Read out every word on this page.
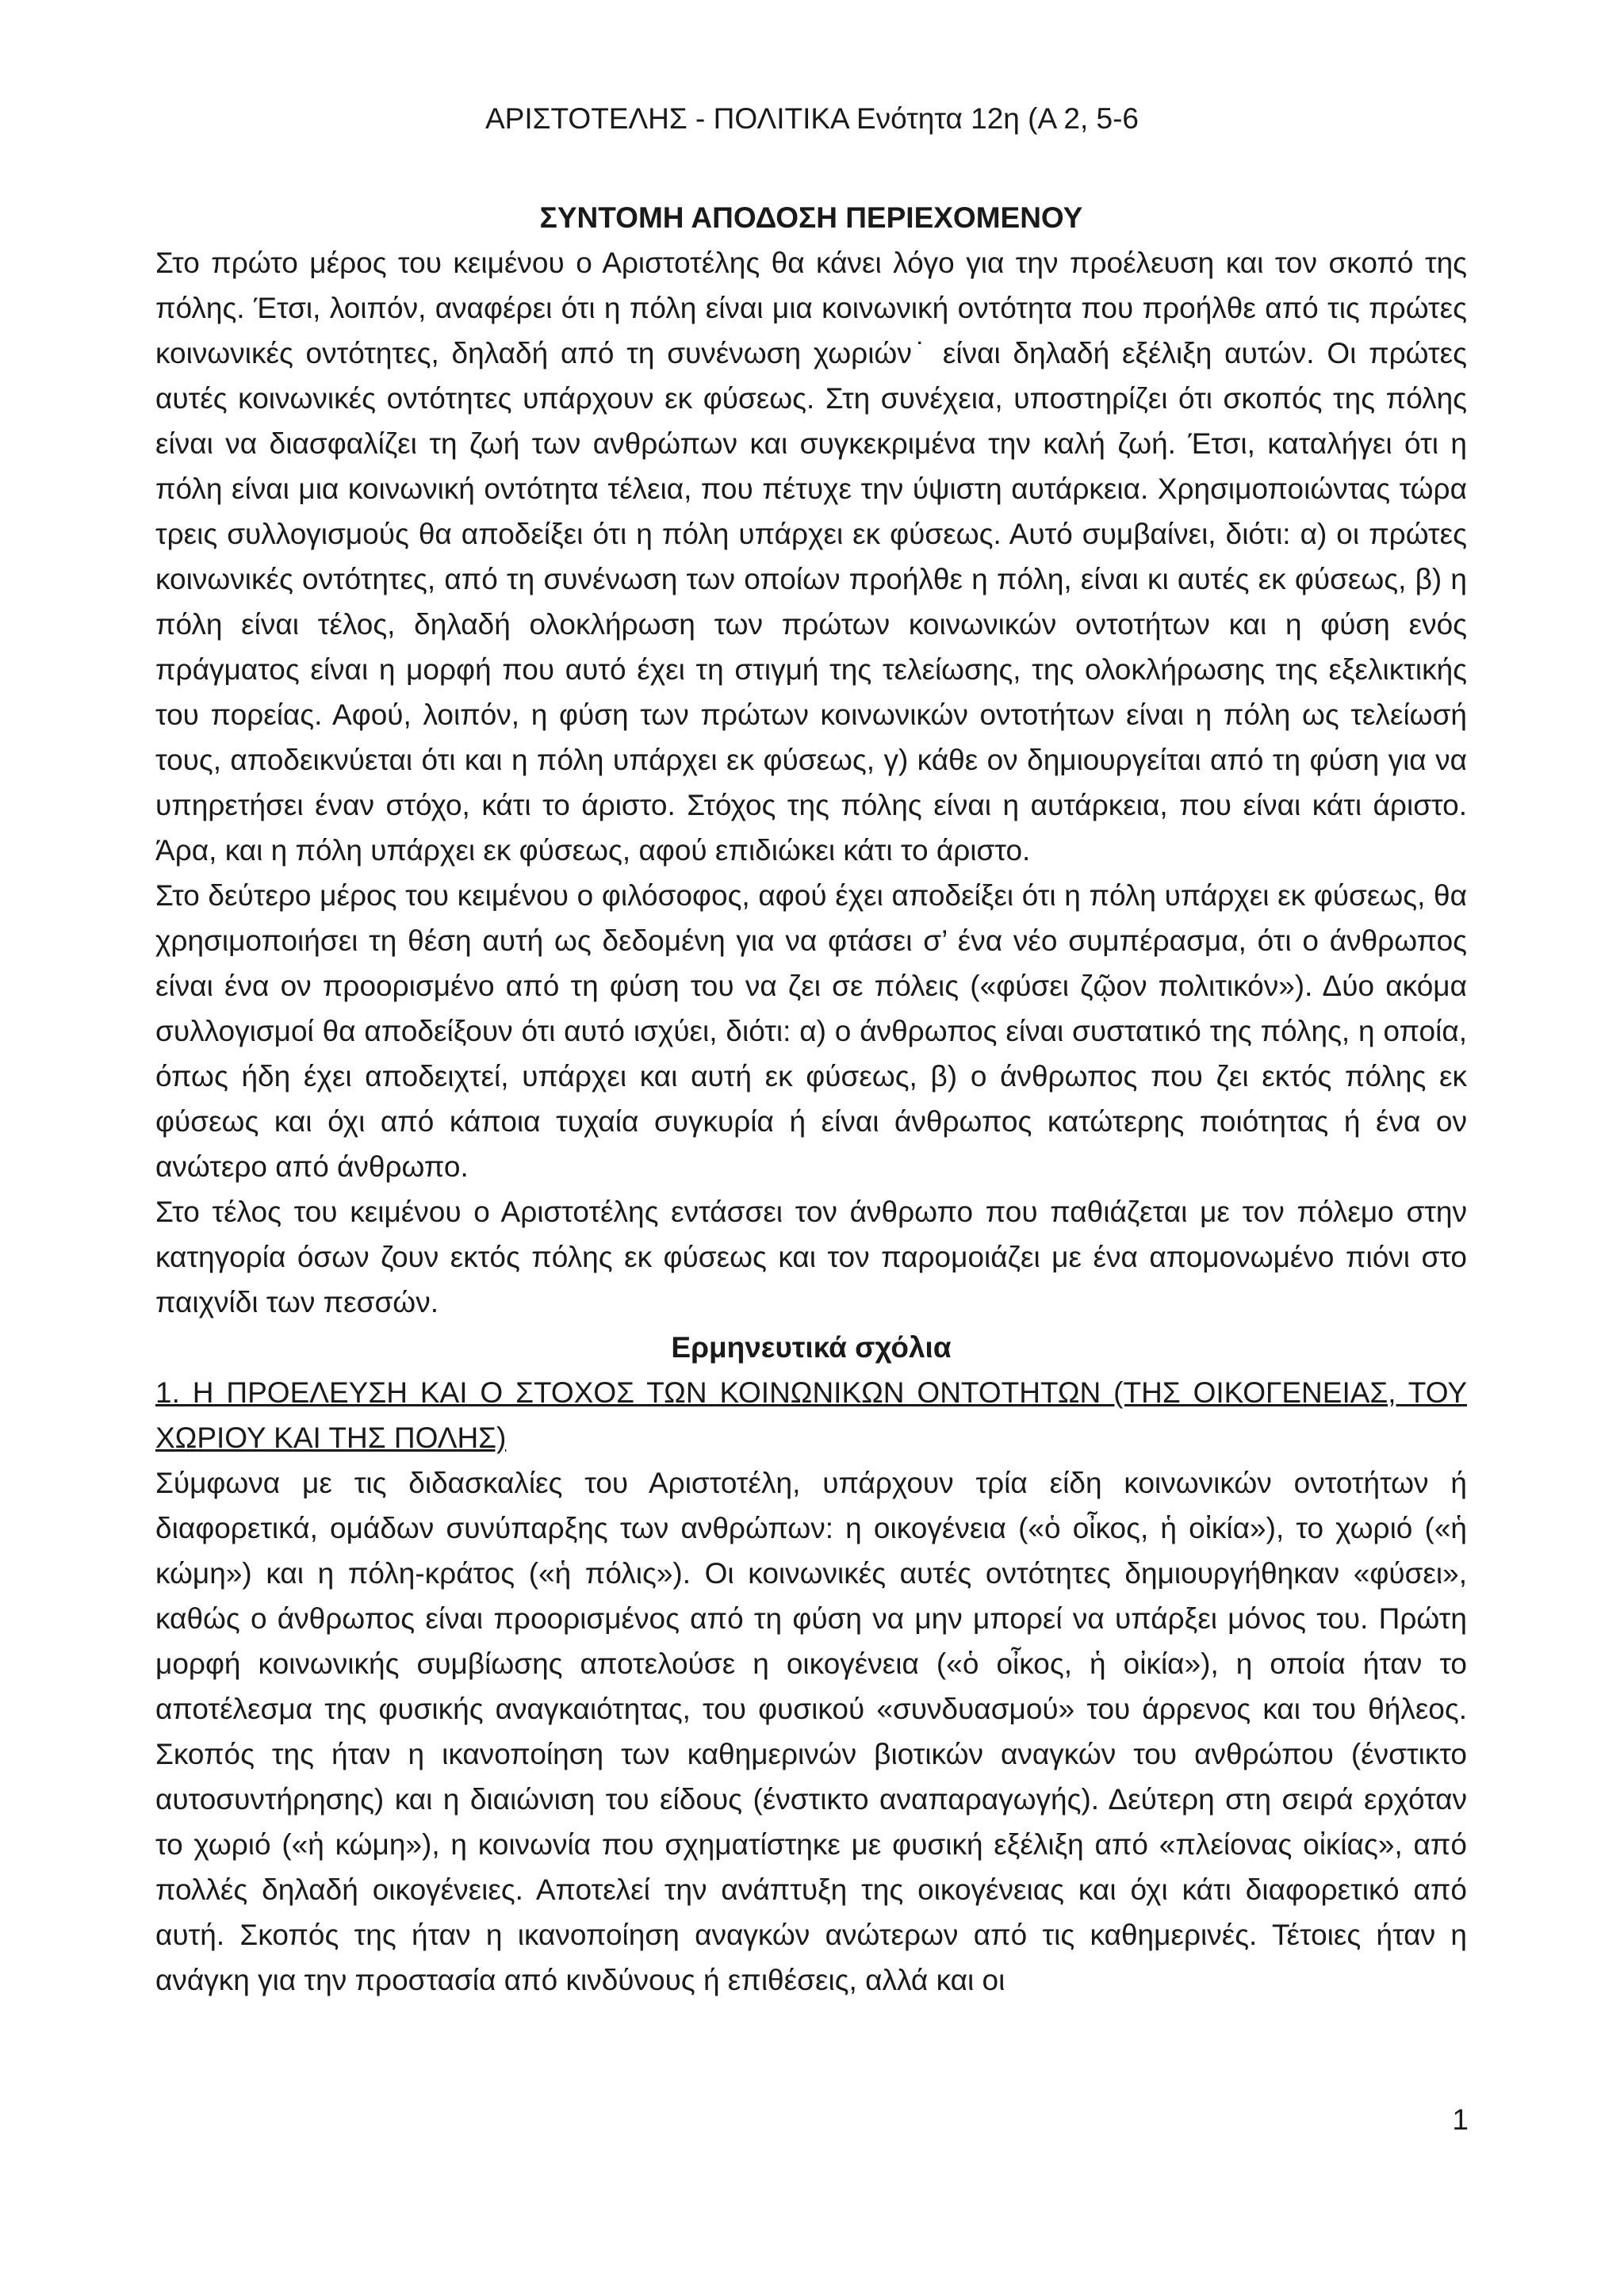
ΑΡΙΣΤΟΤΕΛΗΣ - ΠΟΛΙΤΙΚΑ Ενότητα 12η (Α 2, 5-6

ΣΥΝΤΟΜΗ ΑΠΟΔΟΣΗ ΠΕΡΙΕΧΟΜΕΝΟΥ

Στο πρώτο μέρος του κειμένου ο Αριστοτέλης θα κάνει λόγο για την προέλευση και τον σκοπό της πόλης. Έτσι, λοιπόν, αναφέρει ότι η πόλη είναι μια κοινωνική οντότητα που προήλθε από τις πρώτες κοινωνικές οντότητες, δηλαδή από τη συνένωση χωριών˙ είναι δηλαδή εξέλιξη αυτών. Οι πρώτες αυτές κοινωνικές οντότητες υπάρχουν εκ φύσεως. Στη συνέχεια, υποστηρίζει ότι σκοπός της πόλης είναι να διασφαλίζει τη ζωή των ανθρώπων και συγκεκριμένα την καλή ζωή. Έτσι, καταλήγει ότι η πόλη είναι μια κοινωνική οντότητα τέλεια, που πέτυχε την ύψιστη αυτάρκεια. Χρησιμοποιώντας τώρα τρεις συλλογισμούς θα αποδείξει ότι η πόλη υπάρχει εκ φύσεως. Αυτό συμβαίνει, διότι: α) οι πρώτες κοινωνικές οντότητες, από τη συνένωση των οποίων προήλθε η πόλη, είναι κι αυτές εκ φύσεως, β) η πόλη είναι τέλος, δηλαδή ολοκλήρωση των πρώτων κοινωνικών οντοτήτων και η φύση ενός πράγματος είναι η μορφή που αυτό έχει τη στιγμή της τελείωσης, της ολοκλήρωσης της εξελικτικής του πορείας. Αφού, λοιπόν, η φύση των πρώτων κοινωνικών οντοτήτων είναι η πόλη ως τελείωσή τους, αποδεικνύεται ότι και η πόλη υπάρχει εκ φύσεως, γ) κάθε ον δημιουργείται από τη φύση για να υπηρετήσει έναν στόχο, κάτι το άριστο. Στόχος της πόλης είναι η αυτάρκεια, που είναι κάτι άριστο. Άρα, και η πόλη υπάρχει εκ φύσεως, αφού επιδιώκει κάτι το άριστο.

Στο δεύτερο μέρος του κειμένου ο φιλόσοφος, αφού έχει αποδείξει ότι η πόλη υπάρχει εκ φύσεως, θα χρησιμοποιήσει τη θέση αυτή ως δεδομένη για να φτάσει σ’ ένα νέο συμπέρασμα, ότι ο άνθρωπος είναι ένα ον προορισμένο από τη φύση του να ζει σε πόλεις («φύσει ζῷον πολιτικόν»). Δύο ακόμα συλλογισμοί θα αποδείξουν ότι αυτό ισχύει, διότι: α) ο άνθρωπος είναι συστατικό της πόλης, η οποία, όπως ήδη έχει αποδειχτεί, υπάρχει και αυτή εκ φύσεως, β) ο άνθρωπος που ζει εκτός πόλης εκ φύσεως και όχι από κάποια τυχαία συγκυρία ή είναι άνθρωπος κατώτερης ποιότητας ή ένα ον ανώτερο από άνθρωπο.

Στο τέλος του κειμένου ο Αριστοτέλης εντάσσει τον άνθρωπο που παθιάζεται με τον πόλεμο στην κατηγορία όσων ζουν εκτός πόλης εκ φύσεως και τον παρομοιάζει με ένα απομονωμένο πιόνι στο παιχνίδι των πεσσών.

Ερμηνευτικά σχόλια

1. Η ΠΡΟΕΛΕΥΣΗ ΚΑΙ Ο ΣΤΟΧΟΣ ΤΩΝ ΚΟΙΝΩΝΙΚΩΝ ΟΝΤΟΤΗΤΩΝ (ΤΗΣ ΟΙΚΟΓΕΝΕΙΑΣ, ΤΟΥ ΧΩΡΙΟΥ ΚΑΙ ΤΗΣ ΠΟΛΗΣ)

Σύμφωνα με τις διδασκαλίες του Αριστοτέλη, υπάρχουν τρία είδη κοινωνικών οντοτήτων ή διαφορετικά, ομάδων συνύπαρξης των ανθρώπων: η οικογένεια («ὁ οἶκος, ἡ οἰκία»), το χωριό («ἡ κώμη») και η πόλη-κράτος («ἡ πόλις»). Οι κοινωνικές αυτές οντότητες δημιουργήθηκαν «φύσει», καθώς ο άνθρωπος είναι προορισμένος από τη φύση να μην μπορεί να υπάρξει μόνος του. Πρώτη μορφή κοινωνικής συμβίωσης αποτελούσε η οικογένεια («ὁ οἶκος, ἡ οἰκία»), η οποία ήταν το αποτέλεσμα της φυσικής αναγκαιότητας, του φυσικού «συνδυασμού» του άρρενος και του θήλεος. Σκοπός της ήταν η ικανοποίηση των καθημερινών βιοτικών αναγκών του ανθρώπου (ένστικτο αυτοσυντήρησης) και η διαιώνιση του είδους (ένστικτο αναπαραγωγής). Δεύτερη στη σειρά ερχόταν το χωριό («ἡ κώμη»), η κοινωνία που σχηματίστηκε με φυσική εξέλιξη από «πλείονας οἰκίας», από πολλές δηλαδή οικογένειες. Αποτελεί την ανάπτυξη της οικογένειας και όχι κάτι διαφορετικό από αυτή. Σκοπός της ήταν η ικανοποίηση αναγκών ανώτερων από τις καθημερινές. Τέτοιες ήταν η ανάγκη για την προστασία από κινδύνους ή επιθέσεις, αλλά και οι

1
